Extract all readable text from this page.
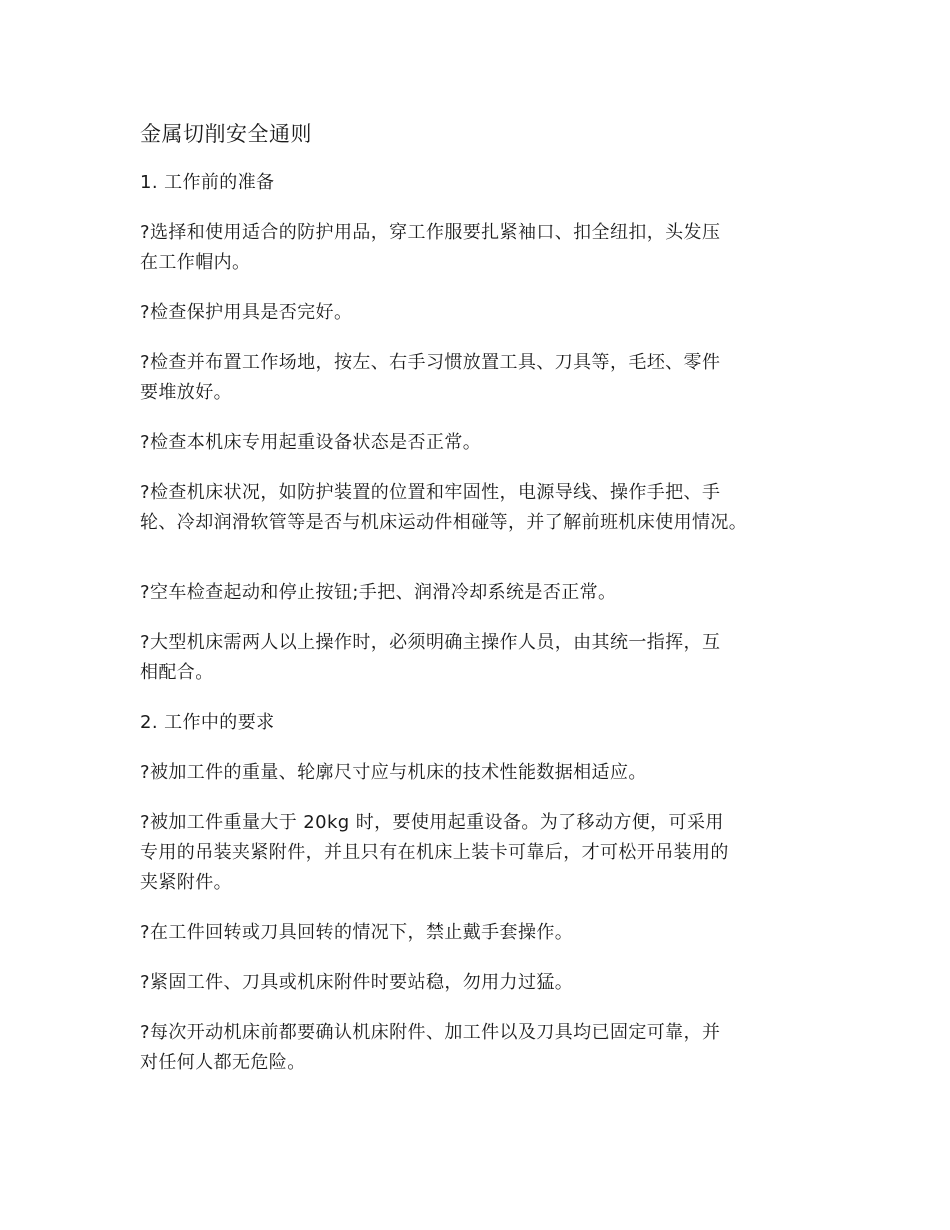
金属切削安全通则
1. 工作前的准备
?选择和使用适合的防护用品，穿工作服要扎紧袖口、扣全纽扣，头发压
在工作帽内。
?检查保护用具是否完好。
?检查并布置工作场地，按左、右手习惯放置工具、刀具等，毛坯、零件
要堆放好。
?检查本机床专用起重设备状态是否正常。
?检查机床状况，如防护装置的位置和牢固性，电源导线、操作手把、手
轮、冷却润滑软管等是否与机床运动件相碰等，并了解前班机床使用情况。
?空车检查起动和停止按钮;手把、润滑冷却系统是否正常。
?大型机床需两人以上操作时，必须明确主操作人员，由其统一指挥，互
相配合。
2. 工作中的要求
?被加工件的重量、轮廓尺寸应与机床的技术性能数据相适应。
?被加工件重量大于 20kg 时，要使用起重设备。为了移动方便，可采用
专用的吊装夹紧附件，并且只有在机床上装卡可靠后，才可松开吊装用的
夹紧附件。
?在工件回转或刀具回转的情况下，禁止戴手套操作。
?紧固工件、刀具或机床附件时要站稳，勿用力过猛。
?每次开动机床前都要确认机床附件、加工件以及刀具均已固定可靠，并
对任何人都无危险。
